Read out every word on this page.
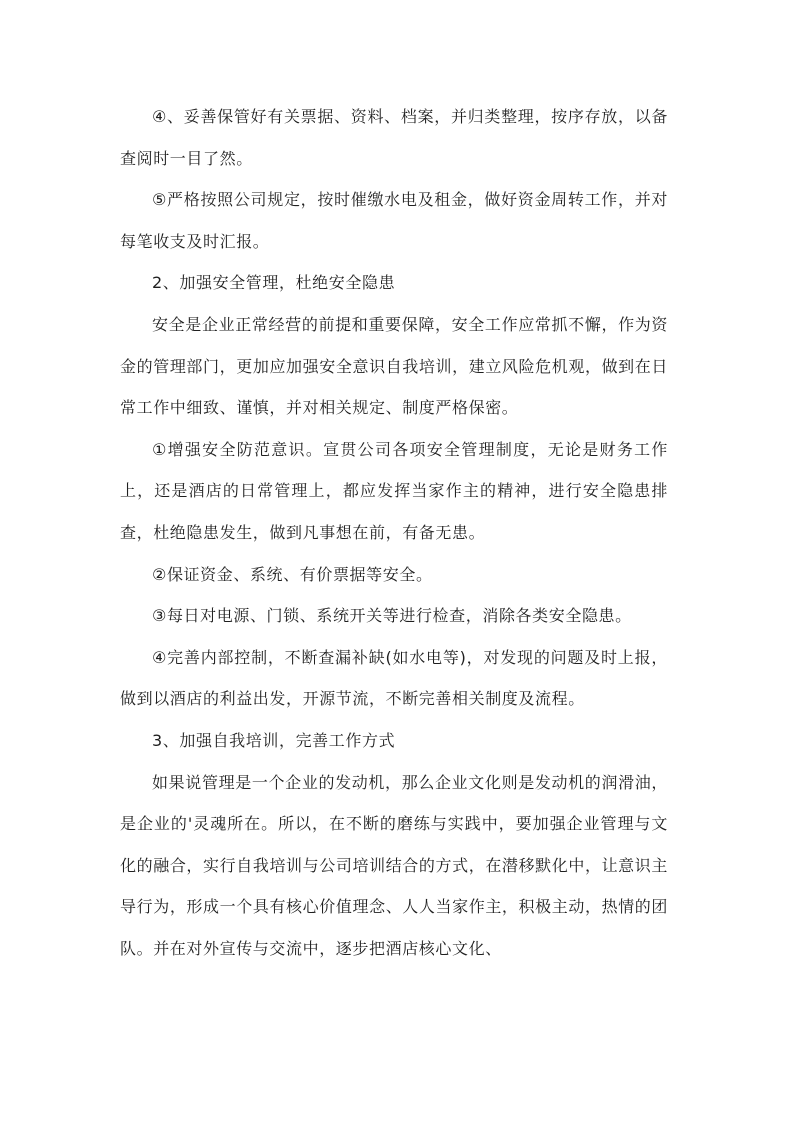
④、妥善保管好有关票据、资料、档案，并归类整理，按序存放，以备查阅时一目了然。

⑤严格按照公司规定，按时催缴水电及租金，做好资金周转工作，并对每笔收支及时汇报。

2、加强安全管理，杜绝安全隐患

安全是企业正常经营的前提和重要保障，安全工作应常抓不懈，作为资金的管理部门，更加应加强安全意识自我培训，建立风险危机观，做到在日常工作中细致、谨慎，并对相关规定、制度严格保密。

①增强安全防范意识。宣贯公司各项安全管理制度，无论是财务工作上，还是酒店的日常管理上，都应发挥当家作主的精神，进行安全隐患排查，杜绝隐患发生，做到凡事想在前，有备无患。

②保证资金、系统、有价票据等安全。

③每日对电源、门锁、系统开关等进行检查，消除各类安全隐患。

④完善内部控制，不断查漏补缺(如水电等)，对发现的问题及时上报，做到以酒店的利益出发，开源节流，不断完善相关制度及流程。

3、加强自我培训，完善工作方式

如果说管理是一个企业的发动机，那么企业文化则是发动机的润滑油，是企业的'灵魂所在。所以，在不断的磨练与实践中，要加强企业管理与文化的融合，实行自我培训与公司培训结合的方式，在潜移默化中，让意识主导行为，形成一个具有核心价值理念、人人当家作主，积极主动，热情的团队。并在对外宣传与交流中，逐步把酒店核心文化、
